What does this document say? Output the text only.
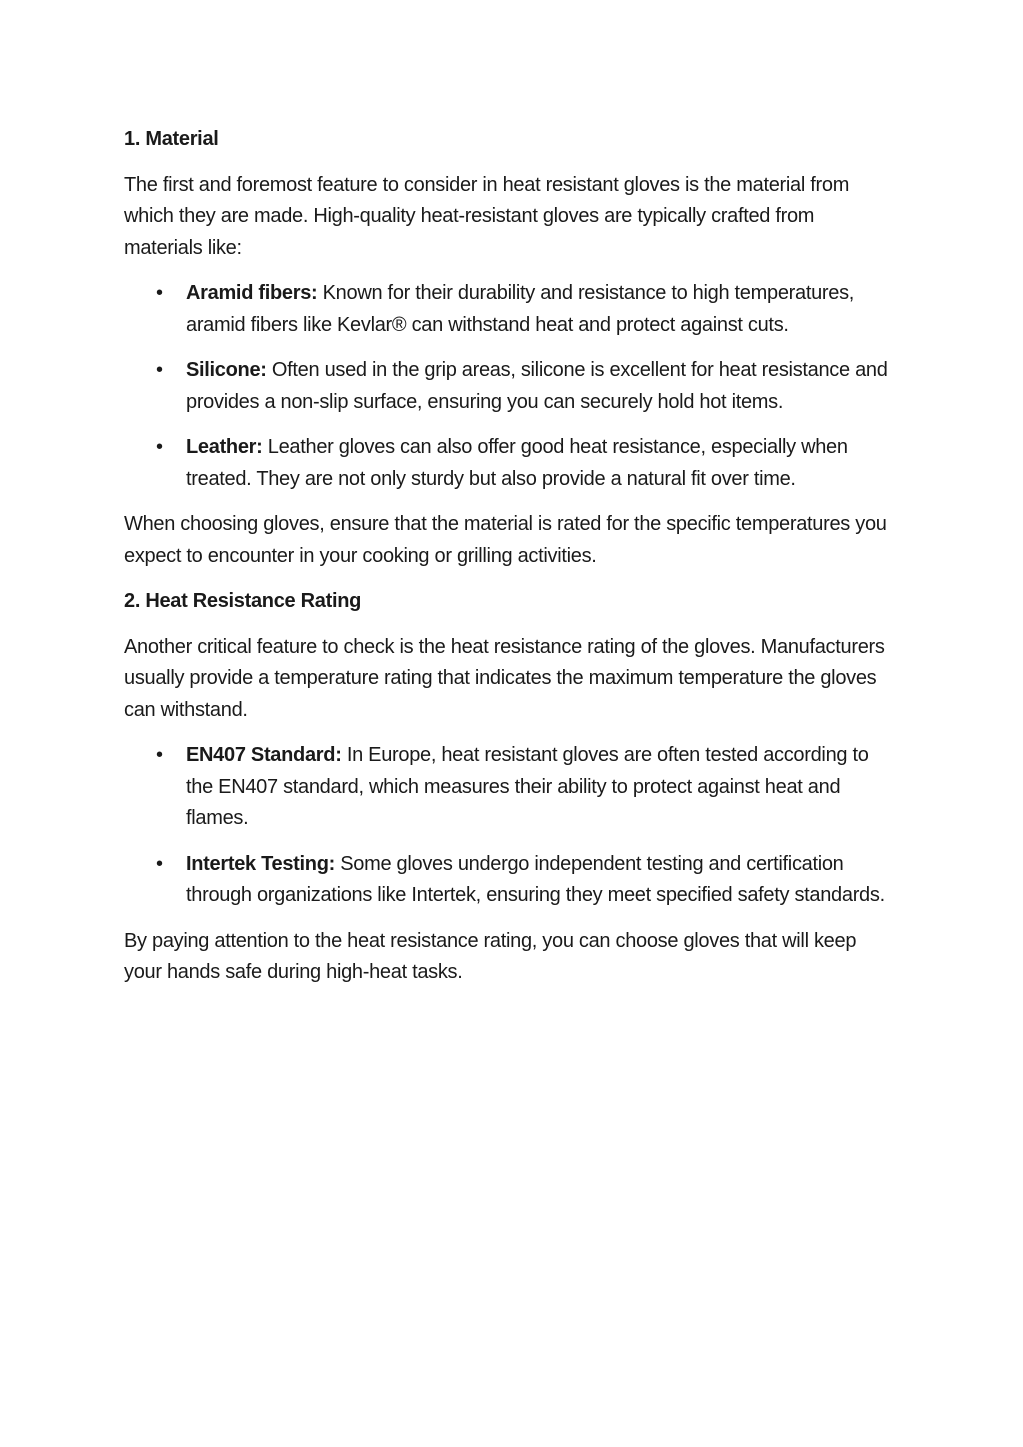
1. Material

The first and foremost feature to consider in heat resistant gloves is the material from which they are made. High-quality heat-resistant gloves are typically crafted from materials like:

• Aramid fibers: Known for their durability and resistance to high temperatures, aramid fibers like Kevlar® can withstand heat and protect against cuts.
• Silicone: Often used in the grip areas, silicone is excellent for heat resistance and provides a non-slip surface, ensuring you can securely hold hot items.
• Leather: Leather gloves can also offer good heat resistance, especially when treated. They are not only sturdy but also provide a natural fit over time.

When choosing gloves, ensure that the material is rated for the specific temperatures you expect to encounter in your cooking or grilling activities.

2. Heat Resistance Rating

Another critical feature to check is the heat resistance rating of the gloves. Manufacturers usually provide a temperature rating that indicates the maximum temperature the gloves can withstand.

• EN407 Standard: In Europe, heat resistant gloves are often tested according to the EN407 standard, which measures their ability to protect against heat and flames.
• Intertek Testing: Some gloves undergo independent testing and certification through organizations like Intertek, ensuring they meet specified safety standards.

By paying attention to the heat resistance rating, you can choose gloves that will keep your hands safe during high-heat tasks.
